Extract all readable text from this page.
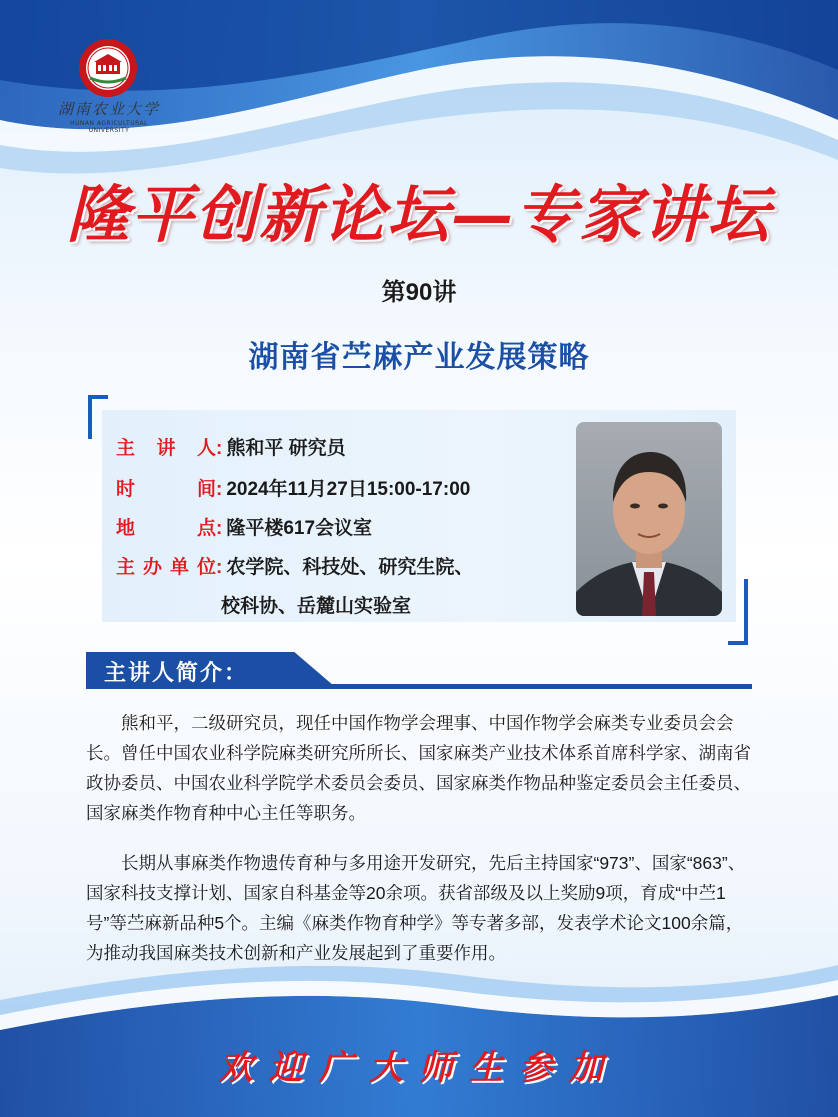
湖南农业大学
HUNAN AGRICULTURAL UNIVERSITY
隆平创新论坛—专家讲坛
第90讲
湖南省苎麻产业发展策略
主讲人: 熊和平 研究员
时间: 2024年11月27日15:00-17:00
地点: 隆平楼617会议室
主办单位: 农学院、科技处、研究生院、
校科协、岳麓山实验室
主讲人简介：
熊和平，二级研究员，现任中国作物学会理事、中国作物学会麻类专业委员会会长。曾任中国农业科学院麻类研究所所长、国家麻类产业技术体系首席科学家、湖南省政协委员、中国农业科学院学术委员会委员、国家麻类作物品种鉴定委员会主任委员、国家麻类作物育种中心主任等职务。
长期从事麻类作物遗传育种与多用途开发研究，先后主持国家“973”、国家“863”、国家科技支撑计划、国家自科基金等20余项。获省部级及以上奖励9项，育成“中苎1号”等苎麻新品种5个。主编《麻类作物育种学》等专著多部，发表学术论文100余篇，为推动我国麻类技术创新和产业发展起到了重要作用。
欢迎广大师生参加
